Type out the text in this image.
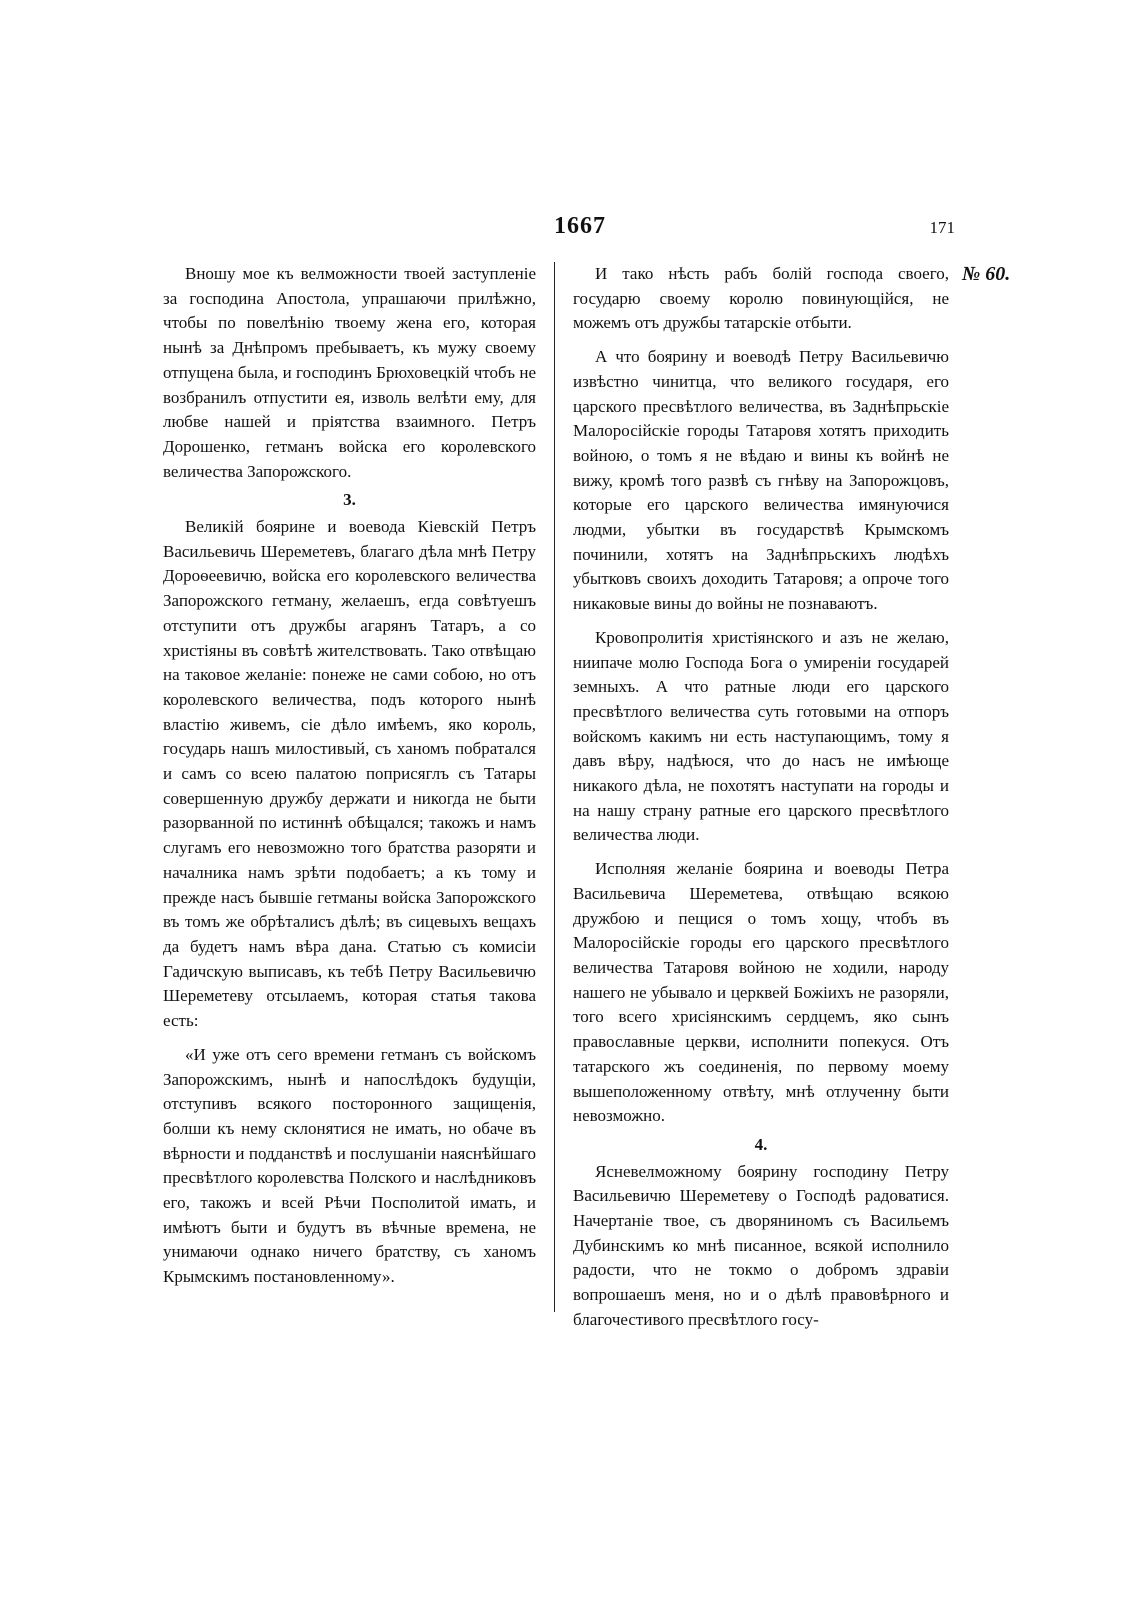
1667	171
№ 60.

Вношу мое къ велможности твоей заступленіе за господина Апостола, упрашаючи прилѣжно, чтобы по повелѣнію твоему жена его, которая нынѣ за Днѣпромъ пребываетъ, къ мужу своему отпущена была, и господинъ Брюховецкій чтобъ не возбранилъ отпустити ея, изволь велѣти ему, для любве нашей и пріятства взаимного. Петръ Дорошенко, гетманъ войска его королевского величества Запорожского.

3.

Великій бояринe и воевода Кіевскій Петръ Васильевичь Шереметевъ, благаго дѣла мнѣ Петру Дороѳеевичю, войска его королевского величества Запорожского гетману, желаешъ, егда совѣтуешъ отступити отъ дружбы агарянъ Татаръ, а со христіяны въ совѣтѣ жителствовать. Тако отвѣщаю на таковое желаніе: понеже не сами собою, но отъ королевского величества, подъ которого нынѣ властію живемъ, сіе дѣло имѣемъ, яко король, государь нашъ милостивый, съ ханомъ побратался и самъ со всею палатою поприсяглъ съ Татары совершенную дружбу держати и никогда не быти разорванной по истиннѣ обѣщался; такожъ и намъ слугамъ его невозможно того братства разоряти и началника намъ зрѣти подобаетъ; а къ тому и прежде насъ бывшіе гетманы войска Запорожского въ томъ же обрѣталисъ дѣлѣ; въ сицевыхъ вещахъ да будетъ намъ вѣра дана. Статью съ комисіи Гадичскую выписавъ, къ тебѣ Петру Васильевичю Шереметеву отсылаемъ, которая статья такова есть:

«И уже отъ сего времени гетманъ съ войскомъ Запорожскимъ, нынѣ и напослѣдокъ будущіи, отступивъ всякого посторонного защищенія, болши къ нему склонятися не имать, но обаче въ вѣрности и подданствѣ и послушаніи наяснѣйшаго пресвѣтлого королевства Полского и наслѣдниковъ его, такожъ и всей Рѣчи Посполитой имать, и имѣютъ быти и будутъ въ вѣчные времена, не унимаючи однако ничего братству, съ ханомъ Крымскимъ постановленному».

И тако нѣсть рабъ болій господа своего, государю своему королю повинующійся, не можемъ отъ дружбы татарскіе отбыти.

А что боярину и воеводѣ Петру Васильевичю извѣстно чинитца, что великого государя, его царского пресвѣтлого величества, въ Заднѣпрьскіе Малоросійскіе городы Татаровя хотятъ приходить войною, о томъ я не вѣдаю и вины къ войнѣ не вижу, кромѣ того развѣ съ гнѣву на Запорожцовъ, которые его царского величества имянуючися людми, убытки въ государствѣ Крымскомъ починили, хотятъ на Заднѣпрьскихъ людѣхъ убытковъ своихъ доходить Татаровя; а опроче того никаковые вины до войны не познаваютъ.

Кровопролитія христіянского и азъ не желаю, ниипаче молю Господа Бога о умиреніи государей земныхъ. А что ратные люди его царского пресвѣтлого величества суть готовыми на отпоръ войскомъ какимъ ни есть наступающимъ, тому я давъ вѣру, надѣюся, что до насъ не имѣюще никакого дѣла, не похотятъ наступати на городы и на нашу страну ратные его царского пресвѣтлого величества люди.

Исполняя желаніе боярина и воеводы Петра Васильевича Шереметева, отвѣщаю всякою дружбою и пещися о томъ хощу, чтобъ въ Малоросійскіе городы его царского пресвѣтлого величества Татаровя войною не ходили, народу нашего не убывало и церквей Божіихъ не разоряли, того всего хрисіянскимъ сердцемъ, яко сынъ православные церкви, исполнити попекуся. Отъ татарского жъ соединенія, по первому моему вышеположенному отвѣту, мнѣ отлученну быти невозможно.

4.

Ясневелможному боярину господину Петру Васильевичю Шереметеву о Господѣ радоватися. Начертаніе твое, съ дворяниномъ съ Васильемъ Дубинскимъ ко мнѣ писанное, всякой исполнило радости, что не токмо о добромъ здравіи вопрошаешъ меня, но и о дѣлѣ правовѣрного и благочестивого пресвѣтлого госу-
